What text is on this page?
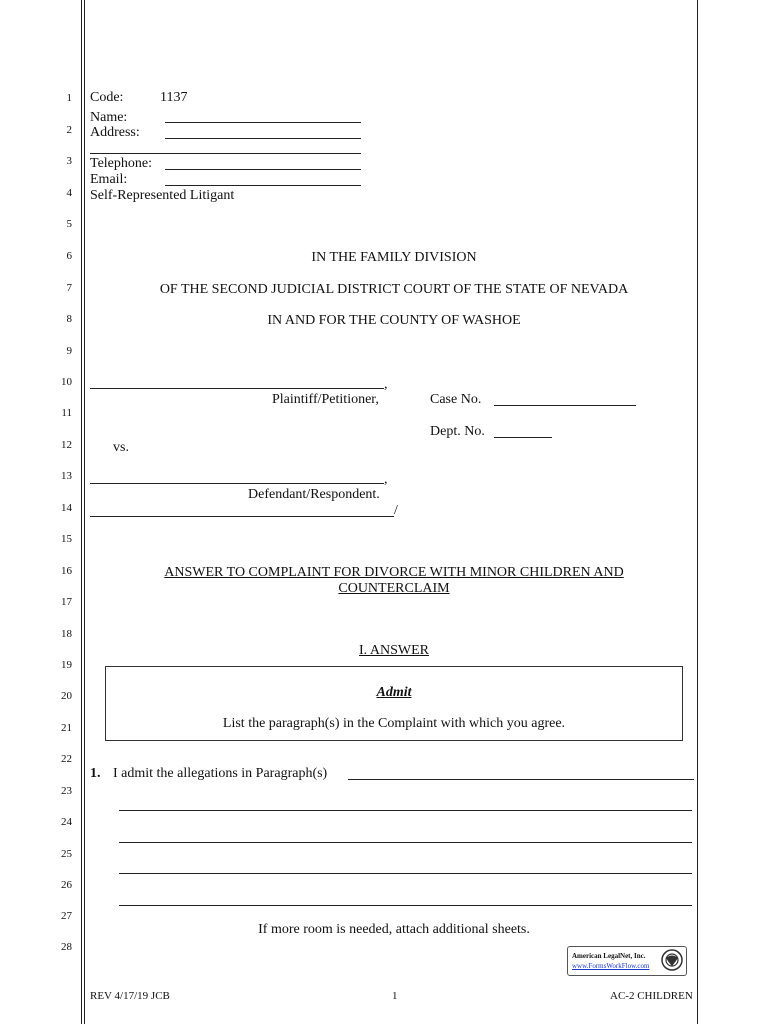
1
2
3
4
5
6
7
8
9
10
11
12
13
14
15
16
17
18
19
20
21
22
23
24
25
26
27
28
Code:	1137
Name:
Address:
Telephone:
Email:
Self-Represented Litigant
IN THE FAMILY DIVISION
OF THE SECOND JUDICIAL DISTRICT COURT OF THE STATE OF NEVADA
IN AND FOR THE COUNTY OF WASHOE
,
Plaintiff/Petitioner,	Case No.
Dept. No.
vs.
,
Defendant/Respondent.
/
ANSWER TO COMPLAINT FOR DIVORCE WITH MINOR CHILDREN AND
COUNTERCLAIM
I. ANSWER
Admit
List the paragraph(s) in the Complaint with which you agree.
1. I admit the allegations in Paragraph(s)
If more room is needed, attach additional sheets.
American LegalNet, Inc.
www.FormsWorkFlow.com
REV 4/17/19 JCB	1	AC-2 CHILDREN
